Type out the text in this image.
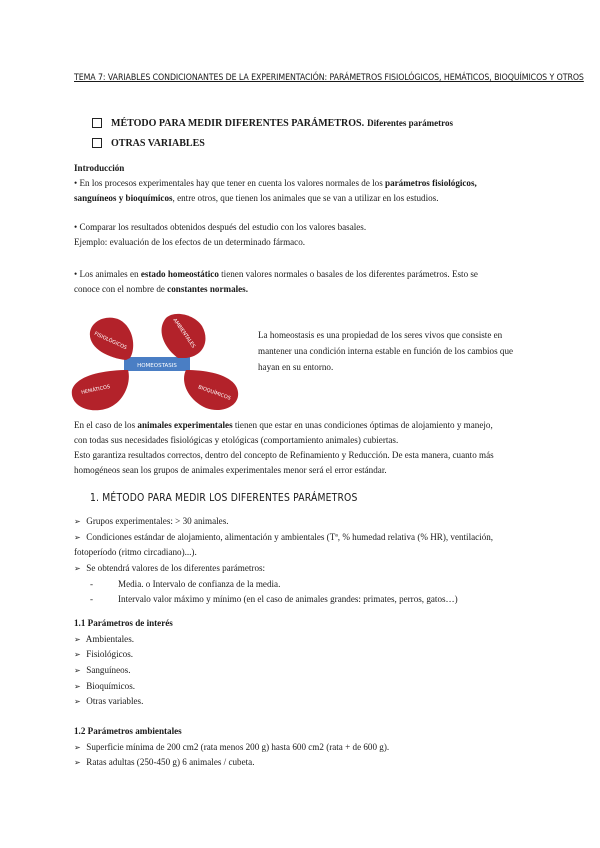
TEMA 7: VARIABLES CONDICIONANTES DE LA EXPERIMENTACIÓN: PARÁMETROS FISIOLÓGICOS, HEMÁTICOS, BIOQUÍMICOS Y OTROS
MÉTODO PARA MEDIR DIFERENTES PARÁMETROS. Diferentes parámetros
OTRAS VARIABLES
Introducción
• En los procesos experimentales hay que tener en cuenta los valores normales de los parámetros fisiológicos,
sanguíneos y bioquímicos, entre otros, que tienen los animales que se van a utilizar en los estudios.
• Comparar los resultados obtenidos después del estudio con los valores basales.
Ejemplo: evaluación de los efectos de un determinado fármaco.
• Los animales en estado homeostático tienen valores normales o basales de los diferentes parámetros. Esto se
conoce con el nombre de constantes normales.
HOMEOSTASIS
FISIOLÓGICOS	AMBIENTALES
HEMÁTICOS	BIOQUÍMICOS
La homeostasis es una propiedad de los seres vivos que consiste en mantener una condición interna estable en función de los cambios que hayan en su entorno.
En el caso de los animales experimentales tienen que estar en unas condiciones óptimas de alojamiento y manejo,
con todas sus necesidades fisiológicas y etológicas (comportamiento animales) cubiertas.
Esto garantiza resultados correctos, dentro del concepto de Refinamiento y Reducción. De esta manera, cuanto más
homogéneos sean los grupos de animales experimentales menor será el error estándar.
1. MÉTODO PARA MEDIR LOS DIFERENTES PARÁMETROS
➢ Grupos experimentales: > 30 animales.
➢ Condiciones estándar de alojamiento, alimentación y ambientales (Tª, % humedad relativa (% HR), ventilación,
fotoperíodo (ritmo circadiano)...).
➢ Se obtendrá valores de los diferentes parámetros:
-	Media. o Intervalo de confianza de la media.
-	Intervalo valor máximo y mínimo (en el caso de animales grandes: primates, perros, gatos…)
1.1 Parámetros de interés
➢ Ambientales.
➢ Fisiológicos.
➢ Sanguíneos.
➢ Bioquímicos.
➢ Otras variables.
1.2 Parámetros ambientales
➢ Superficie mínima de 200 cm2 (rata menos 200 g) hasta 600 cm2 (rata + de 600 g).
➢ Ratas adultas (250-450 g) 6 animales / cubeta.
